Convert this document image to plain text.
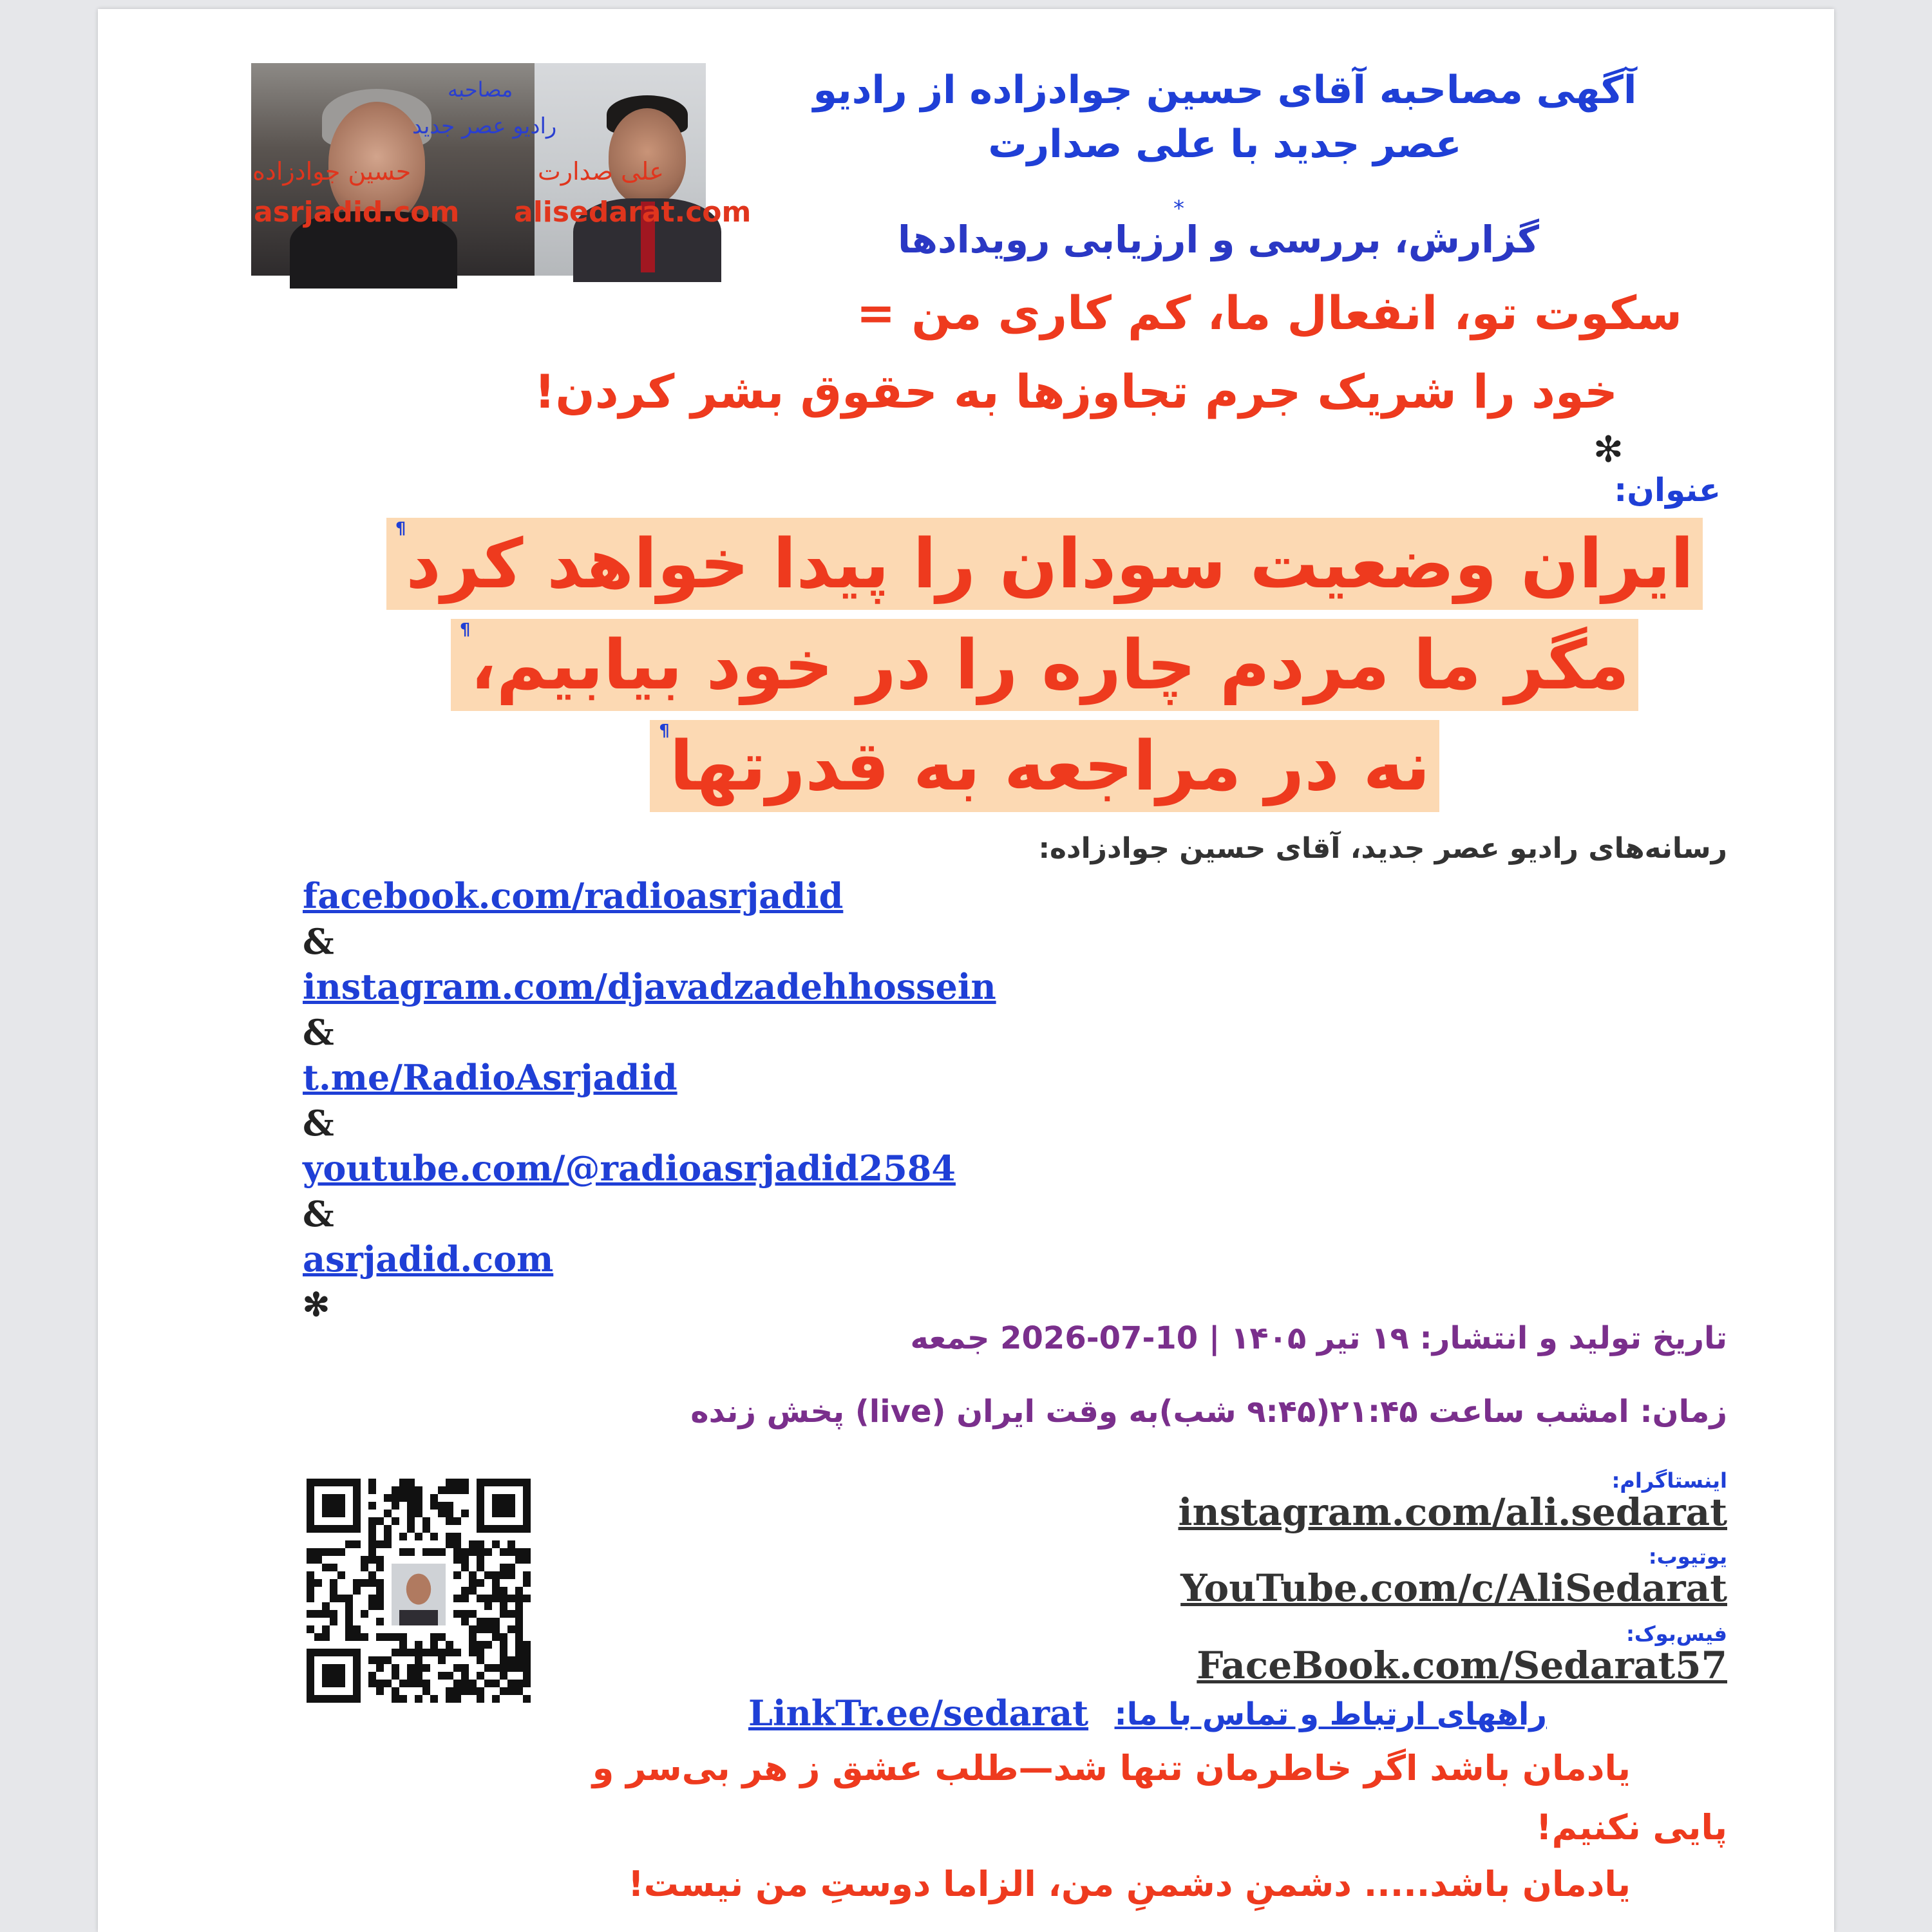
مصاحبه
رادیو عصر جدید
علی صدارت
حسین جوادزاده
asrjadid.com alisedarat.com
آگهی مصاحبه آقای حسین جوادزاده از رادیو
عصر جدید با علی صدارت
*
گزارش، بررسی و ارزیابی رویدادها
سکوت تو، انفعال ما، کم کاری من =
خود را شریک جرم تجاوزها به حقوق بشر کردن!
✻
عنوان:
ایران وضعیت سودان را پیدا خواهد کرد¶
مگر ما مردم چاره را در خود بیابیم،¶
نه در مراجعه به قدرتها¶
رسانه‌های رادیو عصر جدید، آقای حسین جوادزاده:
facebook.com/radioasrjadid
&
instagram.com/djavadzadehhossein
&
t.me/RadioAsrjadid
&
youtube.com/@radioasrjadid2584
&
asrjadid.com
✻
تاریخ تولید و انتشار: ۱۹ تیر ۱۴۰۵ | 10-07-2026 جمعه
زمان: امشب ساعت ۲۱:۴۵(۹:۴۵ شب)به وقت ایران (live) پخش زنده
اینستاگرام:
instagram.com/ali.sedarat
یوتیوب:
YouTube.com/c/AliSedarat
فیس‌بوک:
FaceBook.com/Sedarat57
LinkTr.ee/sedarat راههای ارتباط و تماس با ما:
یادمان باشد اگر خاطرمان تنها شد—طلب عشق ز هر بی‌سر و
پایی نکنیم!
یادمان باشد..... دشمنِ دشمنِ من، الزاما دوستِ من نیست!
